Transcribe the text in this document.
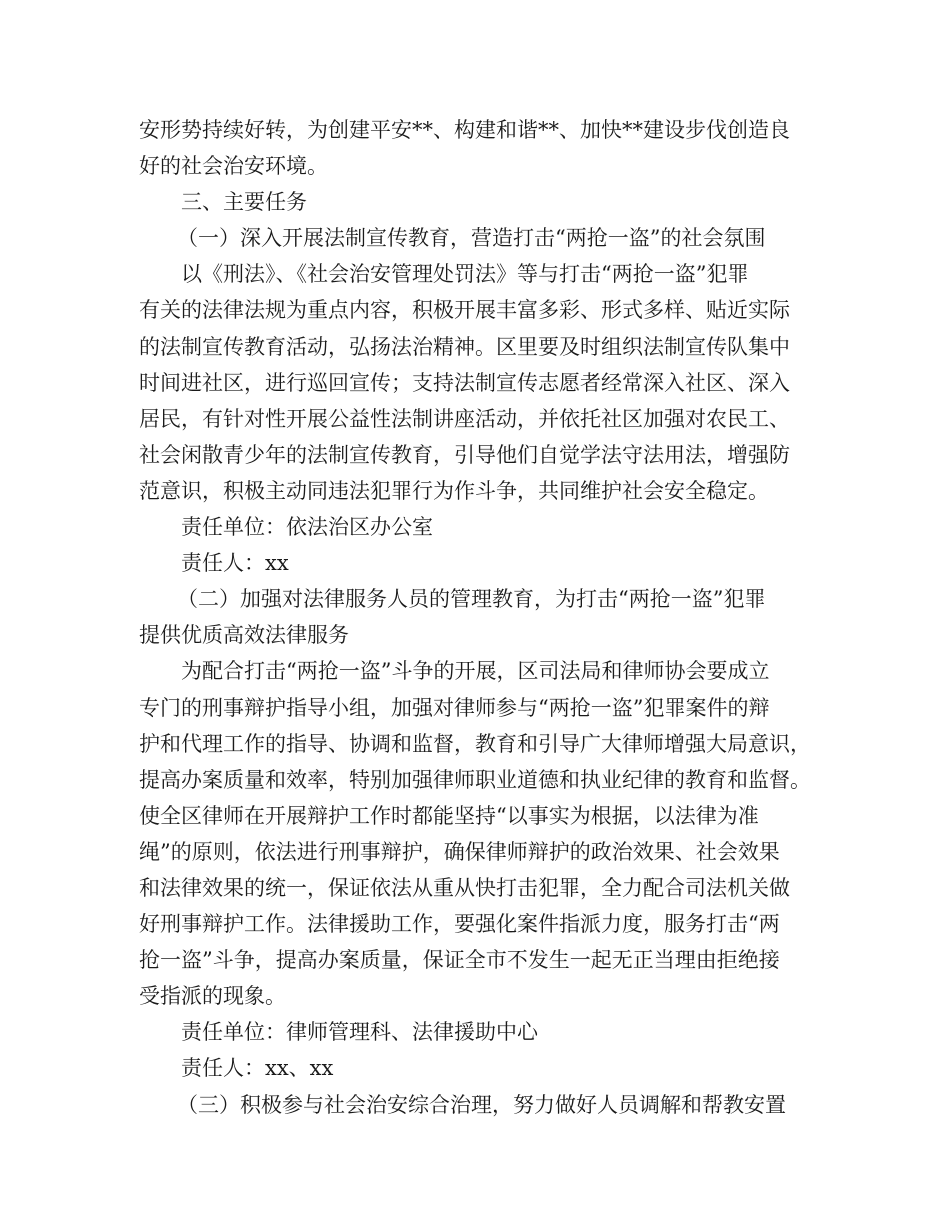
安形势持续好转，为创建平安**、构建和谐**、加快**建设步伐创造良
好的社会治安环境。
三、主要任务
（一）深入开展法制宣传教育，营造打击“两抢一盗”的社会氛围
以《刑法》、《社会治安管理处罚法》等与打击“两抢一盗”犯罪
有关的法律法规为重点内容，积极开展丰富多彩、形式多样、贴近实际
的法制宣传教育活动，弘扬法治精神。区里要及时组织法制宣传队集中
时间进社区，进行巡回宣传；支持法制宣传志愿者经常深入社区、深入
居民，有针对性开展公益性法制讲座活动，并依托社区加强对农民工、
社会闲散青少年的法制宣传教育，引导他们自觉学法守法用法，增强防
范意识，积极主动同违法犯罪行为作斗争，共同维护社会安全稳定。
责任单位：依法治区办公室
责任人：xx
（二）加强对法律服务人员的管理教育，为打击“两抢一盗”犯罪
提供优质高效法律服务
为配合打击“两抢一盗”斗争的开展，区司法局和律师协会要成立
专门的刑事辩护指导小组，加强对律师参与“两抢一盗”犯罪案件的辩
护和代理工作的指导、协调和监督，教育和引导广大律师增强大局意识，
提高办案质量和效率，特别加强律师职业道德和执业纪律的教育和监督。
使全区律师在开展辩护工作时都能坚持“以事实为根据，以法律为准
绳”的原则，依法进行刑事辩护，确保律师辩护的政治效果、社会效果
和法律效果的统一，保证依法从重从快打击犯罪，全力配合司法机关做
好刑事辩护工作。法律援助工作，要强化案件指派力度，服务打击“两
抢一盗”斗争，提高办案质量，保证全市不发生一起无正当理由拒绝接
受指派的现象。
责任单位：律师管理科、法律援助中心
责任人：xx、xx
（三）积极参与社会治安综合治理，努力做好人员调解和帮教安置
